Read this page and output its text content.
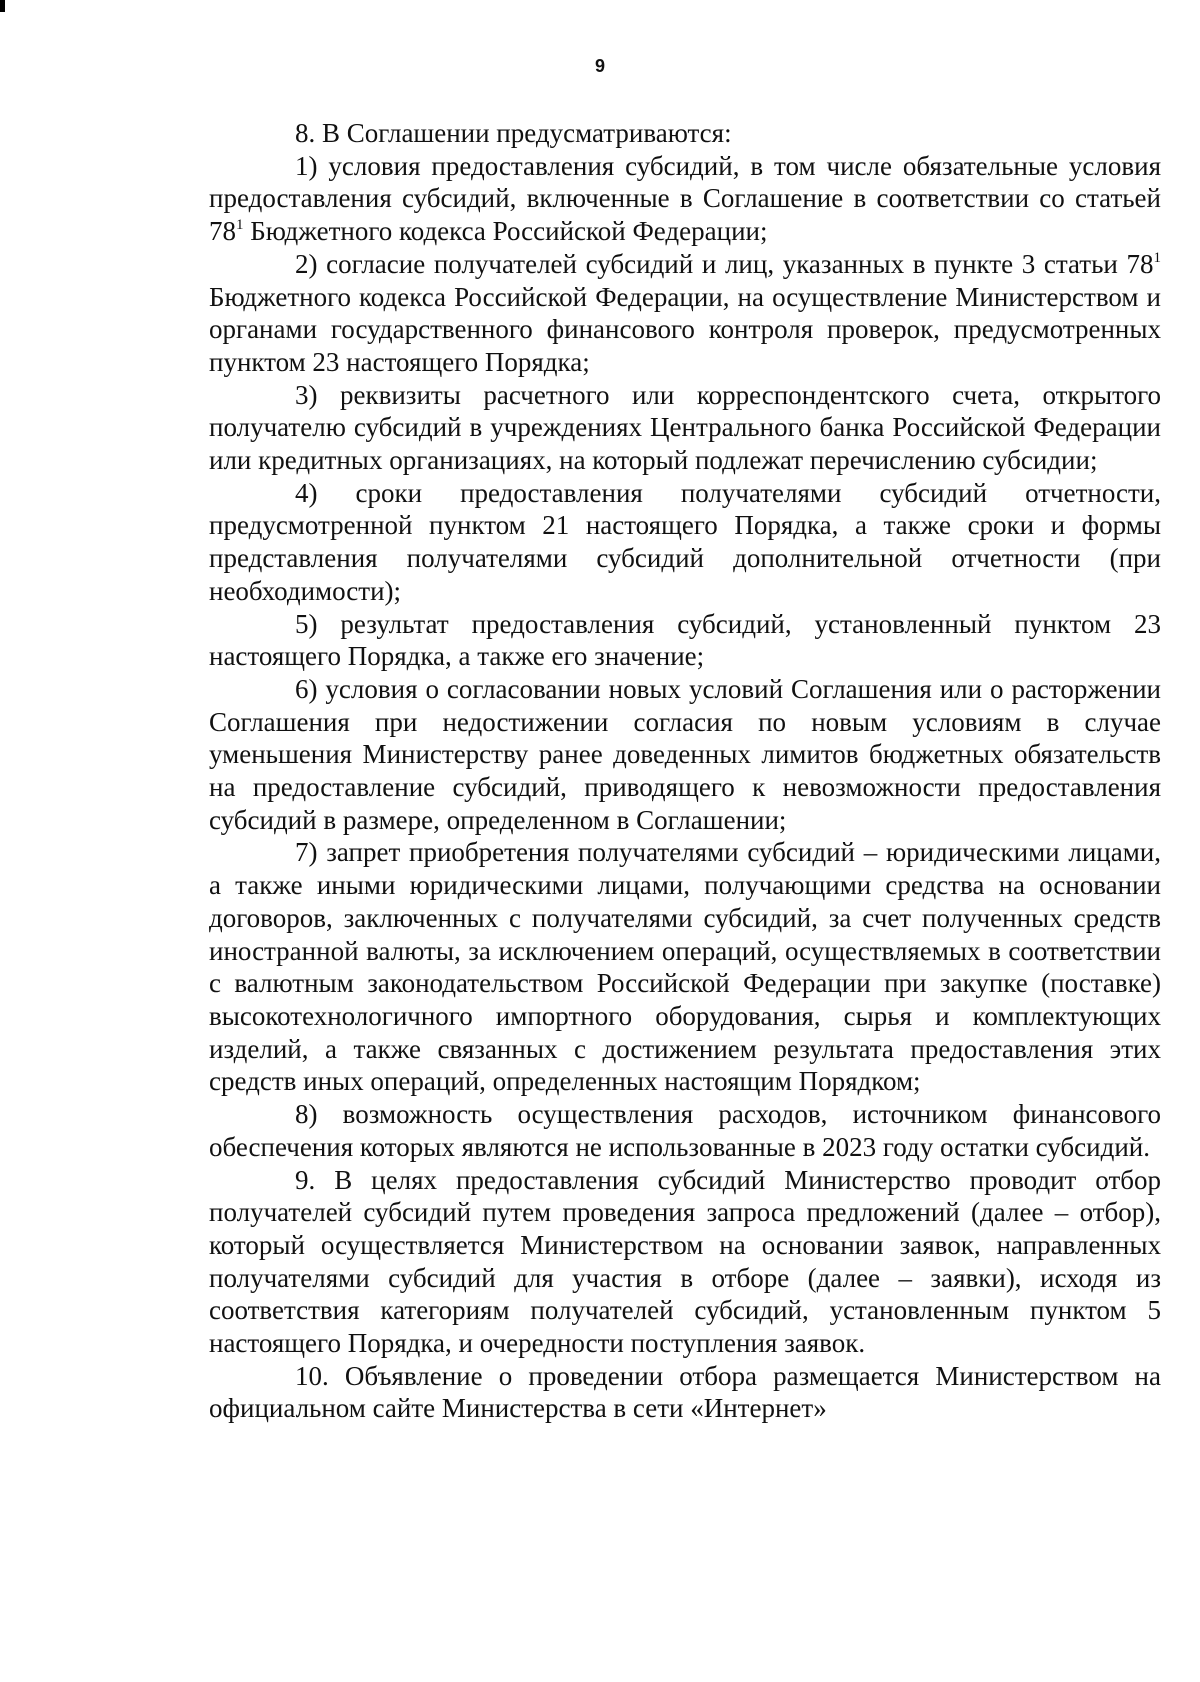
9

8. В Соглашении предусматриваются:

1) условия предоставления субсидий, в том числе обязательные условия предоставления субсидий, включенные в Соглашение в соответствии со статьей $78^1$ Бюджетного кодекса Российской Федерации;

2) согласие получателей субсидий и лиц, указанных в пункте 3 статьи $78^1$ Бюджетного кодекса Российской Федерации, на осуществление Министерством и органами государственного финансового контроля проверок, предусмотренных пунктом 23 настоящего Порядка;

3) реквизиты расчетного или корреспондентского счета, открытого получателю субсидий в учреждениях Центрального банка Российской Федерации или кредитных организациях, на который подлежат перечислению субсидии;

4) сроки предоставления получателями субсидий отчетности, предусмотренной пунктом 21 настоящего Порядка, а также сроки и формы представления получателями субсидий дополнительной отчетности (при необходимости);

5) результат предоставления субсидий, установленный пунктом 23 настоящего Порядка, а также его значение;

6) условия о согласовании новых условий Соглашения или о расторжении Соглашения при недостижении согласия по новым условиям в случае уменьшения Министерству ранее доведенных лимитов бюджетных обязательств на предоставление субсидий, приводящего к невозможности предоставления субсидий в размере, определенном в Соглашении;

7) запрет приобретения получателями субсидий – юридическими лицами, а также иными юридическими лицами, получающими средства на основании договоров, заключенных с получателями субсидий, за счет полученных средств иностранной валюты, за исключением операций, осуществляемых в соответствии с валютным законодательством Российской Федерации при закупке (поставке) высокотехнологичного импортного оборудования, сырья и комплектующих изделий, а также связанных с достижением результата предоставления этих средств иных операций, определенных настоящим Порядком;

8) возможность осуществления расходов, источником финансового обеспечения которых являются не использованные в 2023 году остатки субсидий.

9. В целях предоставления субсидий Министерство проводит отбор получателей субсидий путем проведения запроса предложений (далее – отбор), который осуществляется Министерством на основании заявок, направленных получателями субсидий для участия в отборе (далее – заявки), исходя из соответствия категориям получателей субсидий, установленным пунктом 5 настоящего Порядка, и очередности поступления заявок.

10. Объявление о проведении отбора размещается Министерством на официальном сайте Министерства в сети «Интернет»
